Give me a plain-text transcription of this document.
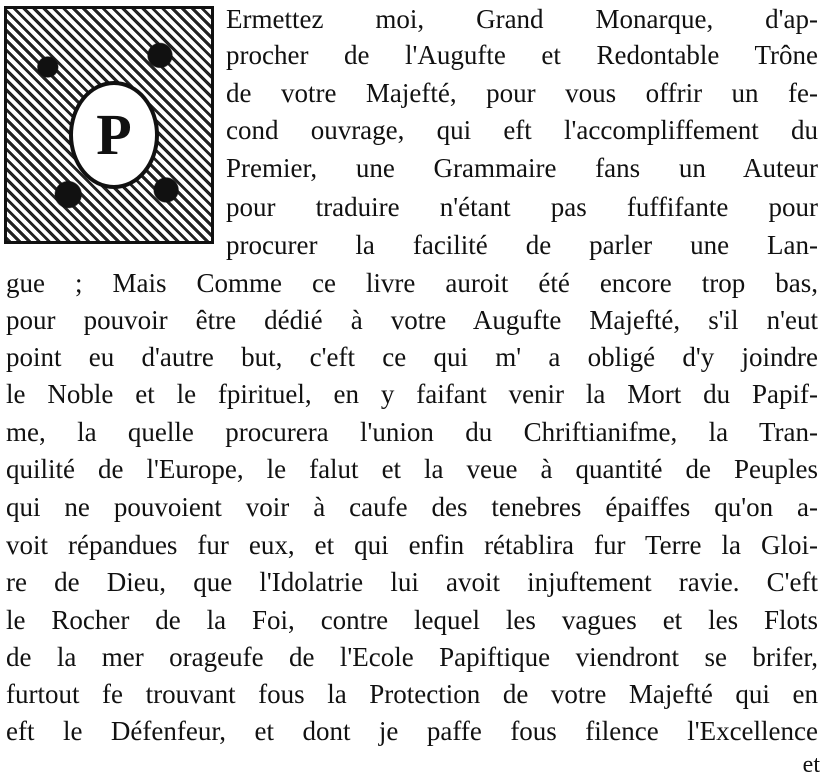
P

Ermettez moi, Grand Monarque, d'ap-

procher de l'Augufte et Redontable Trône

de votre Majefté, pour vous offrir un fe-

cond ouvrage, qui eft l'accompliffement du

Premier, une Grammaire fans un Auteur

pour traduire n'étant pas fuffifante pour

procurer la facilité de parler une Lan-

gue ; Mais Comme ce livre auroit été encore trop bas,

pour pouvoir être dédié à votre Augufte Majefté, s'il n'eut

point eu d'autre but, c'eft ce qui m' a obligé d'y joindre

le Noble et le fpirituel, en y faifant venir la Mort du Papif-

me, la quelle procurera l'union du Chriftianifme, la Tran-

quilité de l'Europe, le falut et la veue à quantité de Peuples

qui ne pouvoient voir à caufe des tenebres épaiffes qu'on a-

voit répandues fur eux, et qui enfin rétablira fur Terre la Gloi-

re de Dieu, que l'Idolatrie lui avoit injuftement ravie. C'eft

le Rocher de la Foi, contre lequel les vagues et les Flots

de la mer orageufe de l'Ecole Papiftique viendront se brifer,

furtout fe trouvant fous la Protection de votre Majefté qui en

eft le Défenfeur, et dont je paffe fous filence l'Excellence

et
